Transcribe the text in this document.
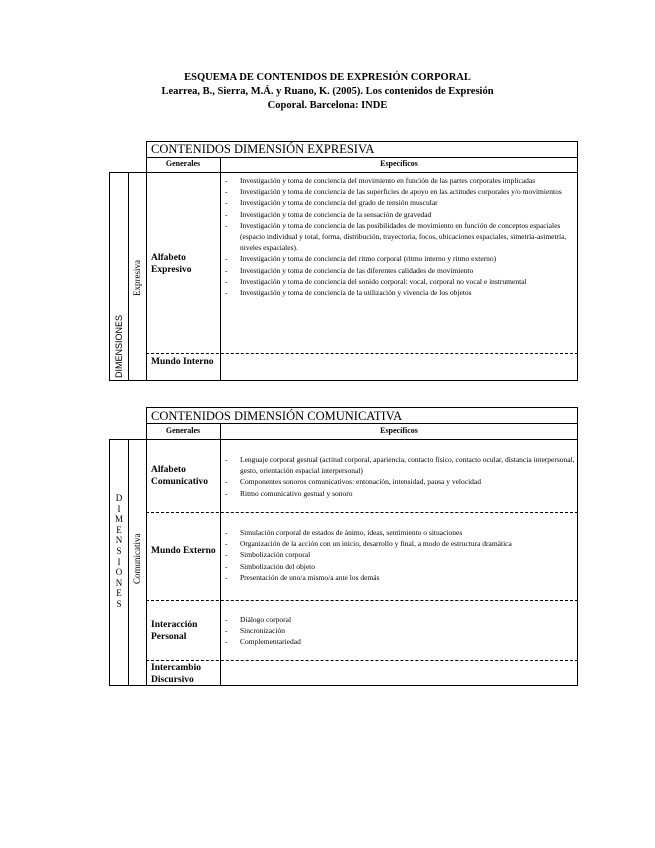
ESQUEMA DE CONTENIDOS DE EXPRESIÓN CORPORAL
Learrea, B., Sierra, M.Á. y Ruano, K. (2005). Los contenidos de Expresión
Coporal. Barcelona: INDE
CONTENIDOS DIMENSIÓN EXPRESIVA
Generales	Específicos
DIMENSIONES
Expresiva
Alfabeto Expresivo
- Investigación y toma de conciencia del movimiento en función de las partes corporales implicadas
- Investigación y toma de conciencia de las superficies de apoyo en las actitudes corporales y/o movimientos
- Investigación y toma de conciencia del grado de tensión muscular
- Investigación y toma de conciencia de la sensación de gravedad
- Investigación y toma de conciencia de las posibilidades de movimiento en función de conceptos espaciales (espacio individual y total, forma, distribución, trayectoria, focos, ubicaciones espaciales, simetría-asimetría, niveles espaciales).
- Investigación y toma de conciencia del ritmo corporal (ritmo interno y ritmo externo)
- Investigación y toma de conciencia de las diferentes calidades de movimiento
- Investigación y toma de conciencia del sonido corporal: vocal, corporal no vocal e instrumental
- Investigación y toma de conciencia de la utilización y vivencia de los objetos
Mundo Interno
CONTENIDOS DIMENSIÓN COMUNICATIVA
Generales	Específicos
D
I
M
E
N
S
I
O
N
E
S
Comunicativa
Alfabeto Comunicativo
- Lenguaje corporal gestual (actitud corporal, apariencia, contacto físico, contacto ocular, distancia interpersonal, gesto, orientación espacial interpersonal)
- Componentes sonoros comunicativos: entonación, intensidad, pausa y velocidad
- Ritmo comunicativo gestual y sonoro
Mundo Externo
- Simulación corporal de estados de ánimo, ideas, sentimiento o situaciones
- Organización de la acción con un inicio, desarrollo y final, a modo de estructura dramática
- Simbolización corporal
- Simbolización del objeto
- Presentación de uno/a mismo/a ante los demás
Interacción Personal
- Diálogo corporal
- Sincronización
- Complementariedad
Intercambio Discursivo
